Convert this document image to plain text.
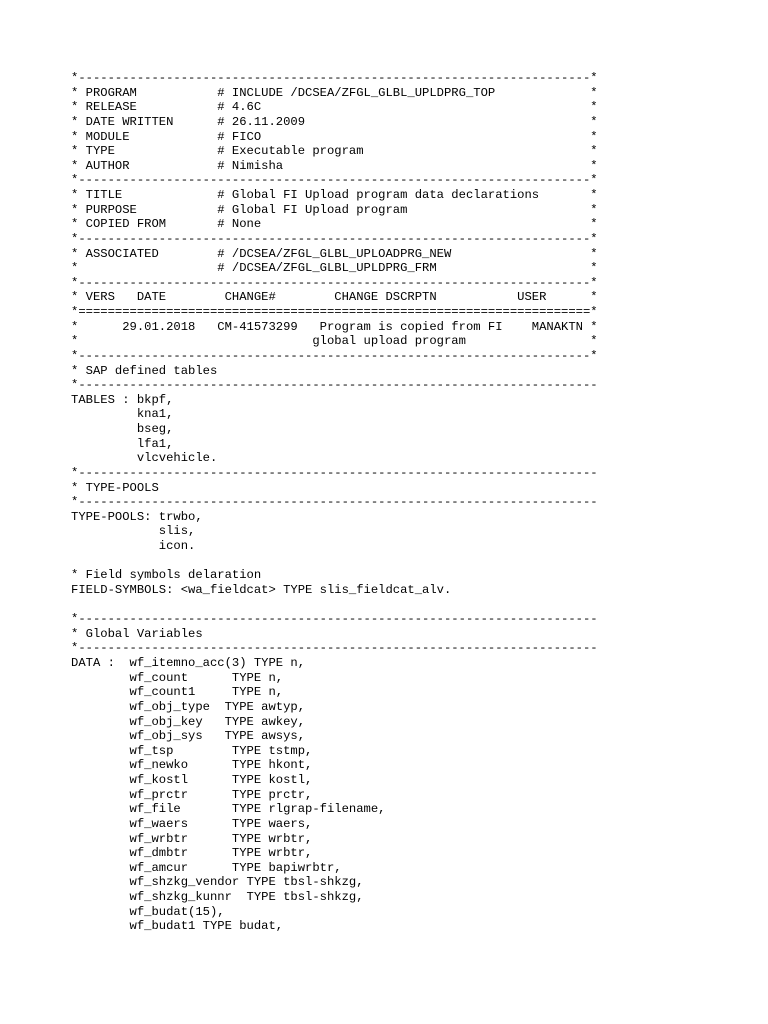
*----------------------------------------------------------------------*
* PROGRAM           # INCLUDE /DCSEA/ZFGL_GLBL_UPLDPRG_TOP             *
* RELEASE           # 4.6C                                             *
* DATE WRITTEN      # 26.11.2009                                       *
* MODULE            # FICO                                             *
* TYPE              # Executable program                               *
* AUTHOR            # Nimisha                                          *
*----------------------------------------------------------------------*
* TITLE             # Global FI Upload program data declarations       *
* PURPOSE           # Global FI Upload program                         *
* COPIED FROM       # None                                             *
*----------------------------------------------------------------------*
* ASSOCIATED        # /DCSEA/ZFGL_GLBL_UPLOADPRG_NEW                   *
*                   # /DCSEA/ZFGL_GLBL_UPLDPRG_FRM                     *
*----------------------------------------------------------------------*
* VERS   DATE        CHANGE#        CHANGE DSCRPTN           USER      *
*======================================================================*
*      29.01.2018   CM-41573299   Program is copied from FI    MANAKTN *
*                                global upload program                 *
*----------------------------------------------------------------------*
* SAP defined tables
*-----------------------------------------------------------------------
TABLES : bkpf,
kna1,
bseg,
lfa1,
vlcvehicle.
*-----------------------------------------------------------------------
* TYPE-POOLS
*-----------------------------------------------------------------------
TYPE-POOLS: trwbo,
slis,
icon.
* Field symbols delaration
FIELD-SYMBOLS: <wa_fieldcat> TYPE slis_fieldcat_alv.
*-----------------------------------------------------------------------
* Global Variables
*-----------------------------------------------------------------------
DATA :  wf_itemno_acc(3) TYPE n,
wf_count      TYPE n,
wf_count1     TYPE n,
wf_obj_type  TYPE awtyp,
wf_obj_key   TYPE awkey,
wf_obj_sys   TYPE awsys,
wf_tsp        TYPE tstmp,
wf_newko      TYPE hkont,
wf_kostl      TYPE kostl,
wf_prctr      TYPE prctr,
wf_file       TYPE rlgrap-filename,
wf_waers      TYPE waers,
wf_wrbtr      TYPE wrbtr,
wf_dmbtr      TYPE wrbtr,
wf_amcur      TYPE bapiwrbtr,
wf_shzkg_vendor TYPE tbsl-shkzg,
wf_shzkg_kunnr  TYPE tbsl-shkzg,
wf_budat(15),
wf_budat1 TYPE budat,
